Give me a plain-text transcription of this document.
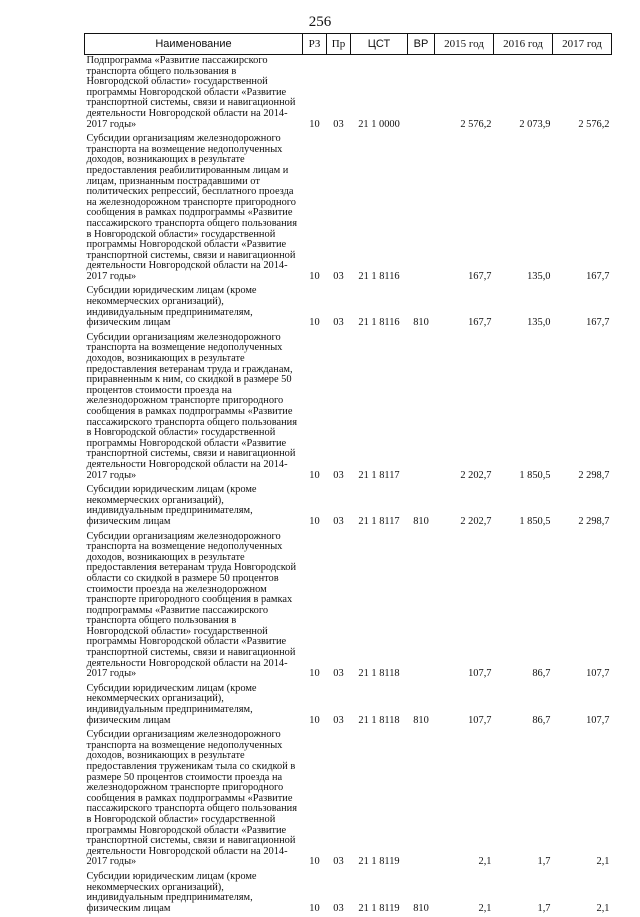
256
Наименование	РЗ	Пр	ЦСТ	ВР	2015 год	2016 год	2017 год
Подпрограмма «Развитие пассажирского транспорта общего пользования в Новгородской области» государственной программы Новгородской области «Развитие транспортной системы, связи и навигационной деятельности Новгородской области на 2014-2017 годы»	10	03	21 1 0000		2 576,2	2 073,9	2 576,2
Субсидии организациям железнодорожного транспорта на возмещение недополученных доходов, возникающих в результате предоставления реабилитированным лицам и лицам, признанным пострадавшими от политических репрессий, бесплатного проезда на железнодорожном транспорте пригородного сообщения в рамках подпрограммы «Развитие пассажирского транспорта общего пользования в Новгородской области» государственной программы Новгородской области «Развитие транспортной системы, связи и навигационной деятельности Новгородской области на 2014-2017 годы»	10	03	21 1 8116		167,7	135,0	167,7
Субсидии юридическим лицам (кроме некоммерческих организаций), индивидуальным предпринимателям, физическим лицам	10	03	21 1 8116	810	167,7	135,0	167,7
Субсидии организациям железнодорожного транспорта на возмещение недополученных доходов, возникающих в результате предоставления ветеранам труда и гражданам, приравненным к ним, со скидкой в размере 50 процентов стоимости проезда на железнодорожном транспорте пригородного сообщения в рамках подпрограммы «Развитие пассажирского транспорта общего пользования в Новгородской области» государственной программы Новгородской области «Развитие транспортной системы, связи и навигационной деятельности Новгородской области на 2014-2017 годы»	10	03	21 1 8117		2 202,7	1 850,5	2 298,7
Субсидии юридическим лицам (кроме некоммерческих организаций), индивидуальным предпринимателям, физическим лицам	10	03	21 1 8117	810	2 202,7	1 850,5	2 298,7
Субсидии организациям железнодорожного транспорта на возмещение недополученных доходов, возникающих в результате предоставления ветеранам труда Новгородской области со скидкой в размере 50 процентов стоимости проезда на железнодорожном транспорте пригородного сообщения в рамках подпрограммы «Развитие пассажирского транспорта общего пользования в Новгородской области» государственной программы Новгородской области «Развитие транспортной системы, связи и навигационной деятельности Новгородской области на 2014-2017 годы»	10	03	21 1 8118		107,7	86,7	107,7
Субсидии юридическим лицам (кроме некоммерческих организаций), индивидуальным предпринимателям, физическим лицам	10	03	21 1 8118	810	107,7	86,7	107,7
Субсидии организациям железнодорожного транспорта на возмещение недополученных доходов, возникающих в результате предоставления труженикам тыла со скидкой в размере 50 процентов стоимости проезда на железнодорожном транспорте пригородного сообщения в рамках подпрограммы «Развитие пассажирского транспорта общего пользования в Новгородской области» государственной программы Новгородской области «Развитие транспортной системы, связи и навигационной деятельности Новгородской области на 2014-2017 годы»	10	03	21 1 8119		2,1	1,7	2,1
Субсидии юридическим лицам (кроме некоммерческих организаций), индивидуальным предпринимателям, физическим лицам	10	03	21 1 8119	810	2,1	1,7	2,1
